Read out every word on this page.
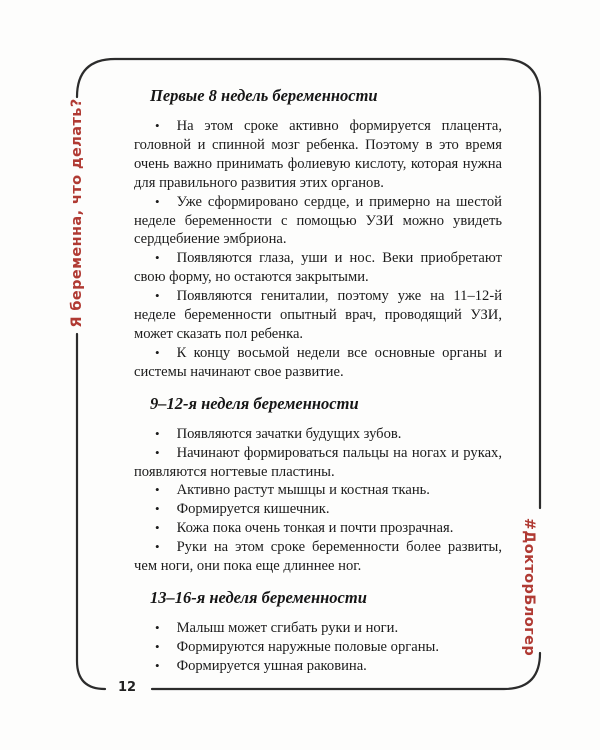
Я беременна, что делать?
#ДокторБлогер
12
Первые 8 недель беременности

• На этом сроке активно формируется плацента, головной и спинной мозг ребенка. Поэтому в это время очень важно принимать фолиевую кислоту, которая нужна для правильного развития этих органов.

• Уже сформировано сердце, и примерно на шестой неделе беременности с помощью УЗИ можно увидеть сердцебиение эмбриона.

• Появляются глаза, уши и нос. Веки приобретают свою форму, но остаются закрытыми.

• Появляются гениталии, поэтому уже на 11–12-й неделе беременности опытный врач, проводящий УЗИ, может сказать пол ребенка.

• К концу восьмой недели все основные органы и системы начинают свое развитие.

9–12-я неделя беременности

• Появляются зачатки будущих зубов.

• Начинают формироваться пальцы на ногах и руках, появляются ногтевые пластины.

• Активно растут мышцы и костная ткань.

• Формируется кишечник.

• Кожа пока очень тонкая и почти прозрачная.

• Руки на этом сроке беременности более развиты, чем ноги, они пока еще длиннее ног.

13–16-я неделя беременности

• Малыш может сгибать руки и ноги.

• Формируются наружные половые органы.

• Формируется ушная раковина.
